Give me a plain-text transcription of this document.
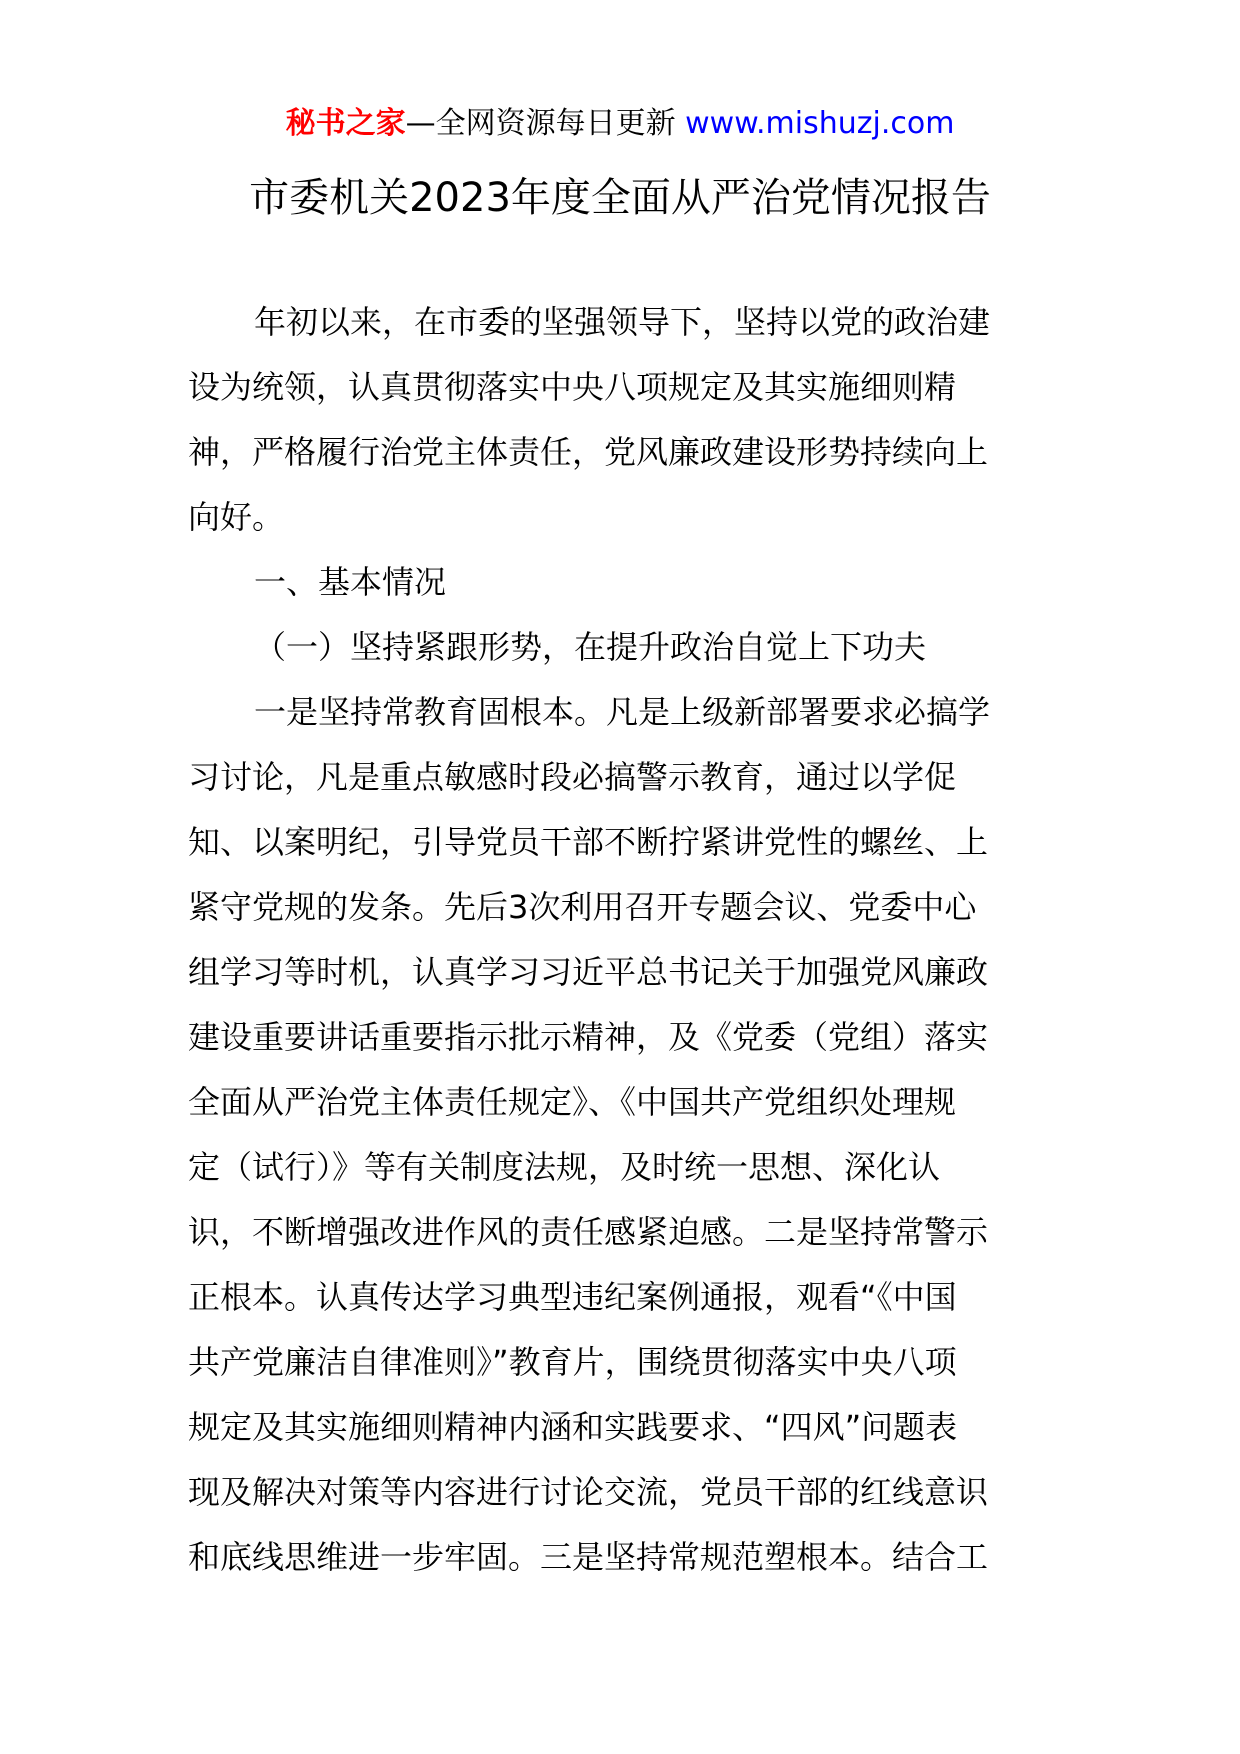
秘书之家—全网资源每日更新 www.mishuzj.com
市委机关2023年度全面从严治党情况报告
年初以来，在市委的坚强领导下，坚持以党的政治建
设为统领，认真贯彻落实中央八项规定及其实施细则精
神，严格履行治党主体责任，党风廉政建设形势持续向上
向好。
一、基本情况
（一）坚持紧跟形势，在提升政治自觉上下功夫
一是坚持常教育固根本。凡是上级新部署要求必搞学
习讨论，凡是重点敏感时段必搞警示教育，通过以学促
知、以案明纪，引导党员干部不断拧紧讲党性的螺丝、上
紧守党规的发条。先后3次利用召开专题会议、党委中心
组学习等时机，认真学习习近平总书记关于加强党风廉政
建设重要讲话重要指示批示精神，及《党委（党组）落实
全面从严治党主体责任规定》、《中国共产党组织处理规
定（试行）》等有关制度法规，及时统一思想、深化认
识，不断增强改进作风的责任感紧迫感。二是坚持常警示
正根本。认真传达学习典型违纪案例通报，观看“《中国
共产党廉洁自律准则》”教育片，围绕贯彻落实中央八项
规定及其实施细则精神内涵和实践要求、“四风”问题表
现及解决对策等内容进行讨论交流，党员干部的红线意识
和底线思维进一步牢固。三是坚持常规范塑根本。结合工
